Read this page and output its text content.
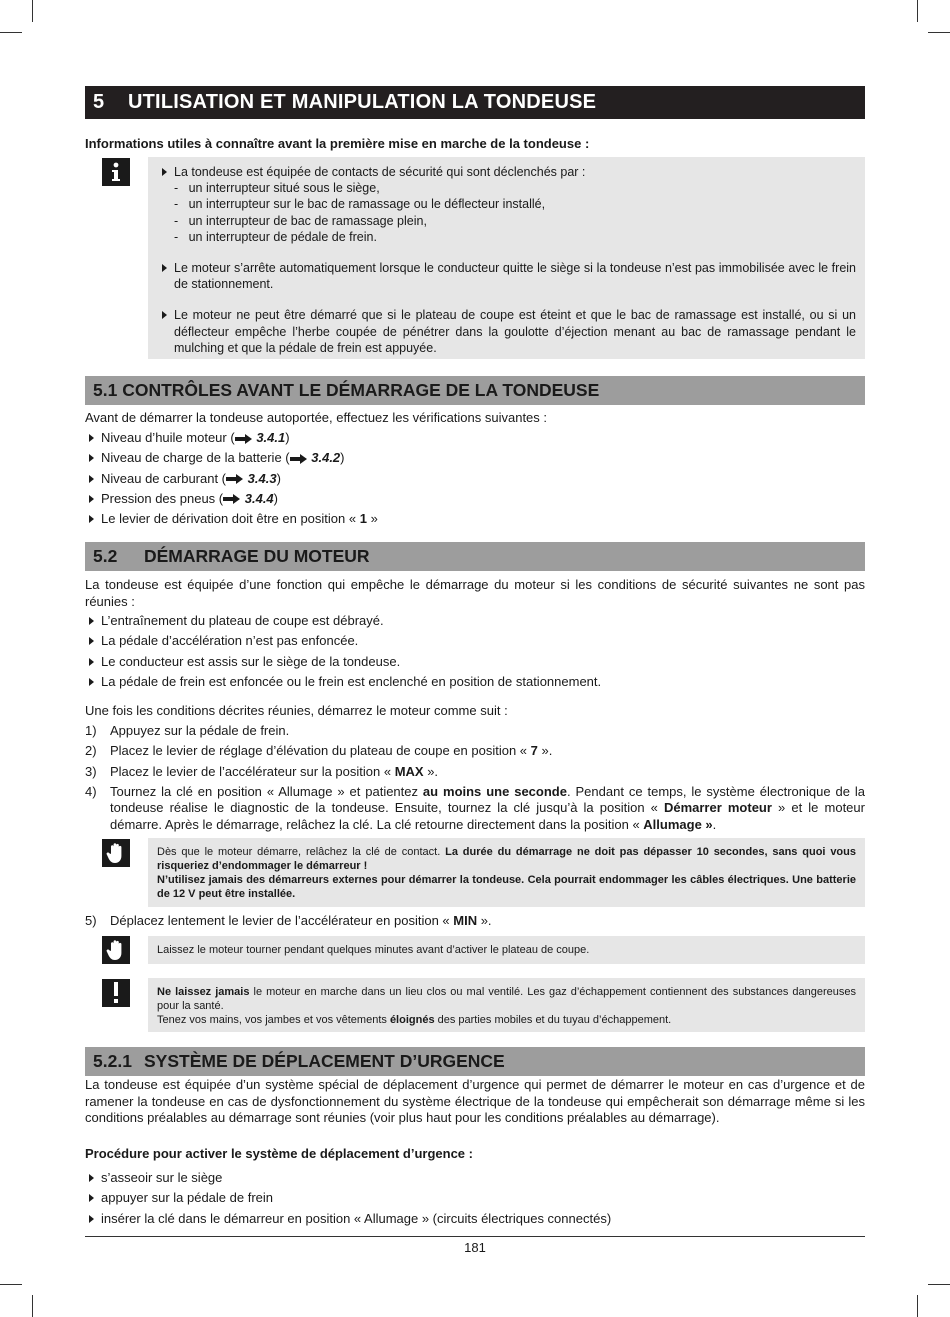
5 UTILISATION ET MANIPULATION LA TONDEUSE
Informations utiles à connaître avant la première mise en marche de la tondeuse :
La tondeuse est équipée de contacts de sécurité qui sont déclenchés par :
-   un interrupteur situé sous le siège,
-   un interrupteur sur le bac de ramassage ou le déflecteur installé,
-   un interrupteur de bac de ramassage plein,
-   un interrupteur de pédale de frein.
Le moteur s’arrête automatiquement lorsque le conducteur quitte le siège si la tondeuse n’est pas immobilisée avec le frein de stationnement.
Le moteur ne peut être démarré que si le plateau de coupe est éteint et que le bac de ramassage est installé, ou si un déflecteur empêche l’herbe coupée de pénétrer dans la goulotte d’éjection menant au bac de ramassage pendant le mulching et que la pédale de frein est appuyée.
5.1 CONTRÔLES AVANT LE DÉMARRAGE DE LA TONDEUSE
Avant de démarrer la tondeuse autoportée, effectuez les vérifications suivantes :
Niveau d’huile moteur ( 3.4.1)
Niveau de charge de la batterie ( 3.4.2)
Niveau de carburant ( 3.4.3)
Pression des pneus ( 3.4.4)
Le levier de dérivation doit être en position « 1 »
5.2 DÉMARRAGE DU MOTEUR

La tondeuse est équipée d’une fonction qui empêche le démarrage du moteur si les conditions de sécurité suivantes ne sont pas réunies :

L’entraînement du plateau de coupe est débrayé.
La pédale d’accélération n’est pas enfoncée.
Le conducteur est assis sur le siège de la tondeuse.
La pédale de frein est enfoncée ou le frein est enclenché en position de stationnement.
Une fois les conditions décrites réunies, démarrez le moteur comme suit :
1) Appuyez sur la pédale de frein.
2) Placez le levier de réglage d’élévation du plateau de coupe en position « 7 ».
3) Placez le levier de l’accélérateur sur la position « MAX ».
4) Tournez la clé en position « Allumage » et patientez au moins une seconde. Pendant ce temps, le système électronique de la tondeuse réalise le diagnostic de la tondeuse. Ensuite, tournez la clé jusqu’à la position « Démarrer moteur » et le moteur démarre. Après le démarrage, relâchez la clé. La clé retourne directement dans la position « Allumage ».

Dès que le moteur démarre, relâchez la clé de contact. La durée du démarrage ne doit pas dépasser 10 secondes, sans quoi vous risqueriez d’endommager le démarreur !

N’utilisez jamais des démarreurs externes pour démarrer la tondeuse. Cela pourrait endommager les câbles électriques. Une batterie de 12 V peut être installée.

5) Déplacez lentement le levier de l’accélérateur en position « MIN ».

Laissez le moteur tourner pendant quelques minutes avant d’activer le plateau de coupe.

Ne laissez jamais le moteur en marche dans un lieu clos ou mal ventilé. Les gaz d’échappement contiennent des substances dangereuses pour la santé.

Tenez vos mains, vos jambes et vos vêtements éloignés des parties mobiles et du tuyau d’échappement.

5.2.1 SYSTÈME DE DÉPLACEMENT D’URGENCE

La tondeuse est équipée d’un système spécial de déplacement d’urgence qui permet de démarrer le moteur en cas d’urgence et de ramener la tondeuse en cas de dysfonctionnement du système électrique de la tondeuse qui empêcherait son démarrage même si les conditions préalables au démarrage sont réunies (voir plus haut pour les conditions préalables au démarrage).

Procédure pour activer le système de déplacement d’urgence :
s’asseoir sur le siège
appuyer sur la pédale de frein
insérer la clé dans le démarreur en position « Allumage » (circuits électriques connectés)
181
